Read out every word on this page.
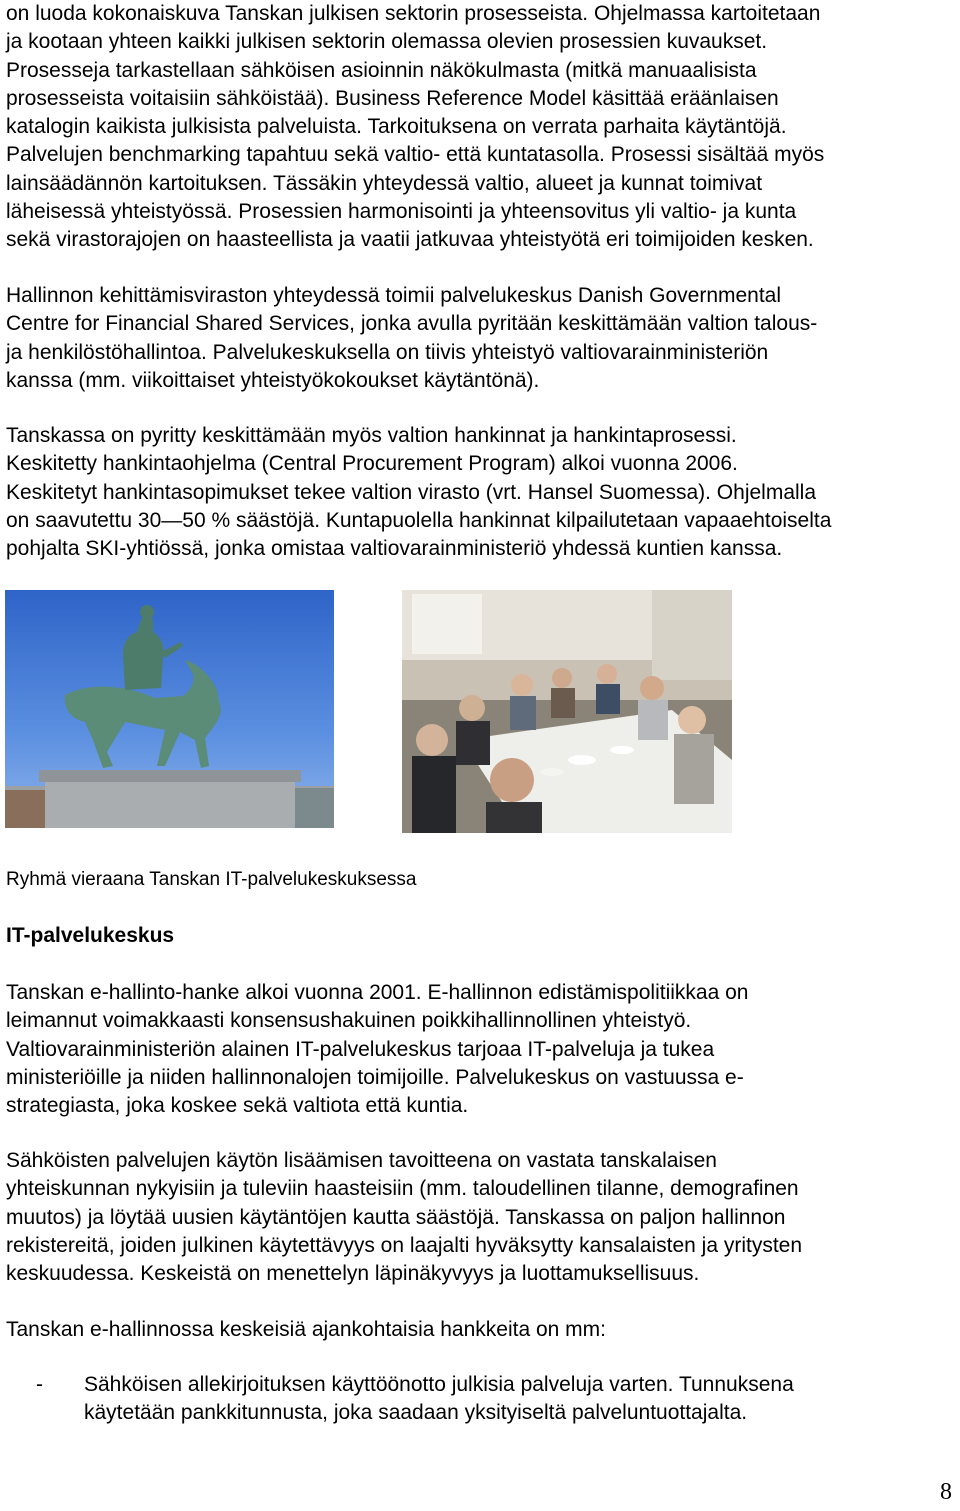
on luoda kokonaiskuva Tanskan julkisen sektorin prosesseista. Ohjelmassa kartoitetaan
ja kootaan yhteen kaikki julkisen sektorin olemassa olevien prosessien kuvaukset.
Prosesseja tarkastellaan sähköisen asioinnin näkökulmasta (mitkä manuaalisista
prosesseista voitaisiin sähköistää). Business Reference Model käsittää eräänlaisen
katalogin kaikista julkisista palveluista. Tarkoituksena on verrata parhaita käytäntöjä.
Palvelujen benchmarking tapahtuu sekä valtio- että kuntatasolla. Prosessi sisältää myös
lainsäädännön kartoituksen. Tässäkin yhteydessä valtio, alueet ja kunnat toimivat
läheisessä yhteistyössä. Prosessien harmonisointi ja yhteensovitus yli valtio- ja kunta
sekä virastorajojen on haasteellista ja vaatii jatkuvaa yhteistyötä eri toimijoiden kesken.
Hallinnon kehittämisviraston yhteydessä toimii palvelukeskus Danish Governmental
Centre for Financial Shared Services, jonka avulla pyritään keskittämään valtion talous-
ja henkilöstöhallintoa. Palvelukeskuksella on tiivis yhteistyö valtiovarainministeriön
kanssa (mm. viikoittaiset yhteistyökokoukset käytäntönä).
Tanskassa on pyritty keskittämään myös valtion hankinnat ja hankintaprosessi.
Keskitetty hankintaohjelma (Central Procurement Program) alkoi vuonna 2006.
Keskitetyt hankintasopimukset tekee valtion virasto (vrt. Hansel Suomessa). Ohjelmalla
on saavutettu 30—50 % säästöjä. Kuntapuolella hankinnat kilpailutetaan vapaaehtoiselta
pohjalta SKI-yhtiössä, jonka omistaa valtiovarainministeriö yhdessä kuntien kanssa.
Ryhmä vieraana Tanskan IT-palvelukeskuksessa
IT-palvelukeskus
Tanskan e-hallinto-hanke alkoi vuonna 2001. E-hallinnon edistämispolitiikkaa on
leimannut voimakkaasti konsensushakuinen poikkihallinnollinen yhteistyö.
Valtiovarainministeriön alainen IT-palvelukeskus tarjoaa IT-palveluja ja tukea
ministeriöille ja niiden hallinnonalojen toimijoille. Palvelukeskus on vastuussa e-
strategiasta, joka koskee sekä valtiota että kuntia.
Sähköisten palvelujen käytön lisäämisen tavoitteena on vastata tanskalaisen
yhteiskunnan nykyisiin ja tuleviin haasteisiin (mm. taloudellinen tilanne, demografinen
muutos) ja löytää uusien käytäntöjen kautta säästöjä. Tanskassa on paljon hallinnon
rekistereitä, joiden julkinen käytettävyys on laajalti hyväksytty kansalaisten ja yritysten
keskuudessa. Keskeistä on menettelyn läpinäkyvyys ja luottamuksellisuus.
Tanskan e-hallinnossa keskeisiä ajankohtaisia hankkeita on mm:
- Sähköisen allekirjoituksen käyttöönotto julkisia palveluja varten. Tunnuksena
käytetään pankkitunnusta, joka saadaan yksityiseltä palveluntuottajalta.
8
